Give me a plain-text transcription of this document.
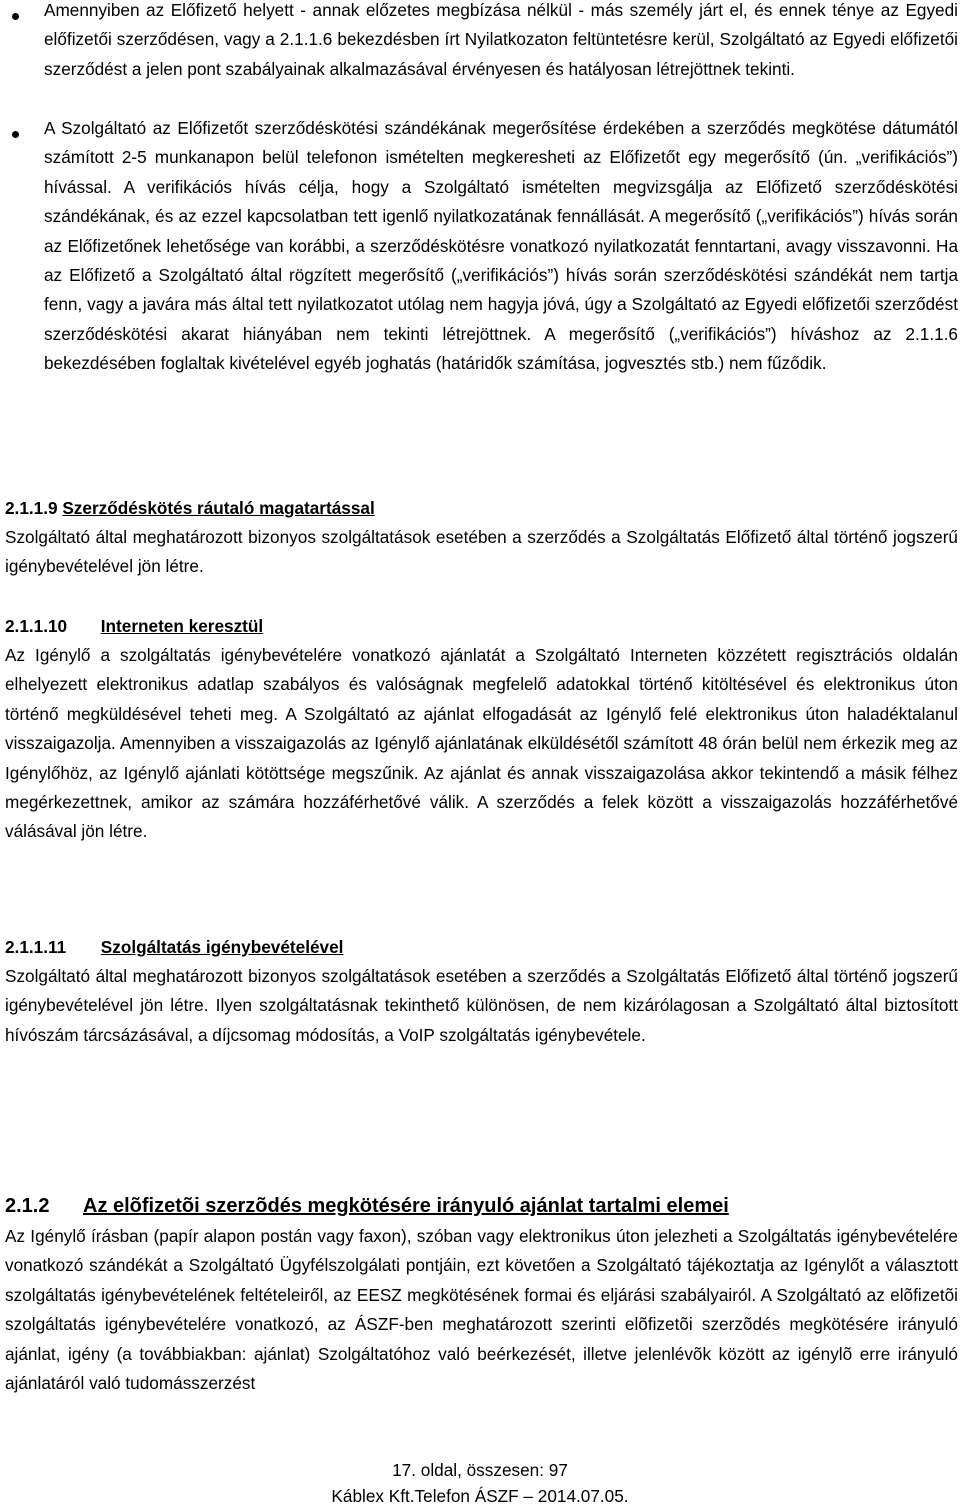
Amennyiben az Előfizető helyett - annak előzetes megbízása nélkül - más személy járt el, és ennek ténye az Egyedi előfizetői szerződésen, vagy a 2.1.1.6 bekezdésben írt Nyilatkozaton feltüntetésre kerül, Szolgáltató az Egyedi előfizetői szerződést a jelen pont szabályainak alkalmazásával érvényesen és hatályosan létrejöttnek tekinti.
A Szolgáltató az Előfizetőt szerződéskötési szándékának megerősítése érdekében a szerződés megkötése dátumától számított 2-5 munkanapon belül telefonon ismételten megkeresheti az Előfizetőt egy megerősítő (ún. „verifikációs”) hívással. A verifikációs hívás célja, hogy a Szolgáltató ismételten megvizsgálja az Előfizető szerződéskötési szándékának, és az ezzel kapcsolatban tett igenlő nyilatkozatának fennállását. A megerősítő („verifikációs”) hívás során az Előfizetőnek lehetősége van korábbi, a szerződéskötésre vonatkozó nyilatkozatát fenntartani, avagy visszavonni. Ha az Előfizető a Szolgáltató által rögzített megerősítő („verifikációs”) hívás során szerződéskötési szándékát nem tartja fenn, vagy a javára más által tett nyilatkozatot utólag nem hagyja jóvá, úgy a Szolgáltató az Egyedi előfizetői szerződést szerződéskötési akarat hiányában nem tekinti létrejöttnek. A megerősítő („verifikációs”) híváshoz az 2.1.1.6 bekezdésében foglaltak kivételével egyéb joghatás (határidők számítása, jogvesztés stb.) nem fűződik.
2.1.1.9 Szerződéskötés ráutaló magatartással
Szolgáltató által meghatározott bizonyos szolgáltatások esetében a szerződés a Szolgáltatás Előfizető által történő jogszerű igénybevételével jön létre.
2.1.1.10 Interneten keresztül
Az Igénylő a szolgáltatás igénybevételére vonatkozó ajánlatát a Szolgáltató Interneten közzétett regisztrációs oldalán elhelyezett elektronikus adatlap szabályos és valóságnak megfelelő adatokkal történő kitöltésével és elektronikus úton történő megküldésével teheti meg. A Szolgáltató az ajánlat elfogadását az Igénylő felé elektronikus úton haladéktalanul visszaigazolja. Amennyiben a visszaigazolás az Igénylő ajánlatának elküldésétől számított 48 órán belül nem érkezik meg az Igénylőhöz, az Igénylő ajánlati kötöttsége megszűnik. Az ajánlat és annak visszaigazolása akkor tekintendő a másik félhez megérkezettnek, amikor az számára hozzáférhetővé válik. A szerződés a felek között a visszaigazolás hozzáférhetővé válásával jön létre.
2.1.1.11 Szolgáltatás igénybevételével
Szolgáltató által meghatározott bizonyos szolgáltatások esetében a szerződés a Szolgáltatás Előfizető által történő jogszerű igénybevételével jön létre. Ilyen szolgáltatásnak tekinthető különösen, de nem kizárólagosan a Szolgáltató által biztosított hívószám tárcsázásával, a díjcsomag módosítás, a VoIP szolgáltatás igénybevétele.
2.1.2 Az elõfizetõi szerzõdés megkötésére irányuló ajánlat tartalmi elemei
Az Igénylő írásban (papír alapon postán vagy faxon), szóban vagy elektronikus úton jelezheti a Szolgáltatás igénybevételére vonatkozó szándékát a Szolgáltató Ügyfélszolgálati pontjáin, ezt követően a Szolgáltató tájékoztatja az Igénylőt a választott szolgáltatás igénybevételének feltételeiről, az EESZ megkötésének formai és eljárási szabályairól. A Szolgáltató az elõfizetõi szolgáltatás igénybevételére vonatkozó, az ÁSZF-ben meghatározott szerinti elõfizetõi szerzõdés megkötésére irányuló ajánlat, igény (a továbbiakban: ajánlat) Szolgáltatóhoz való beérkezését, illetve jelenlévõk között az igénylõ erre irányuló ajánlatáról való tudomásszerzést
17. oldal, összesen: 97
Káblex Kft.Telefon ÁSZF – 2014.07.05.
